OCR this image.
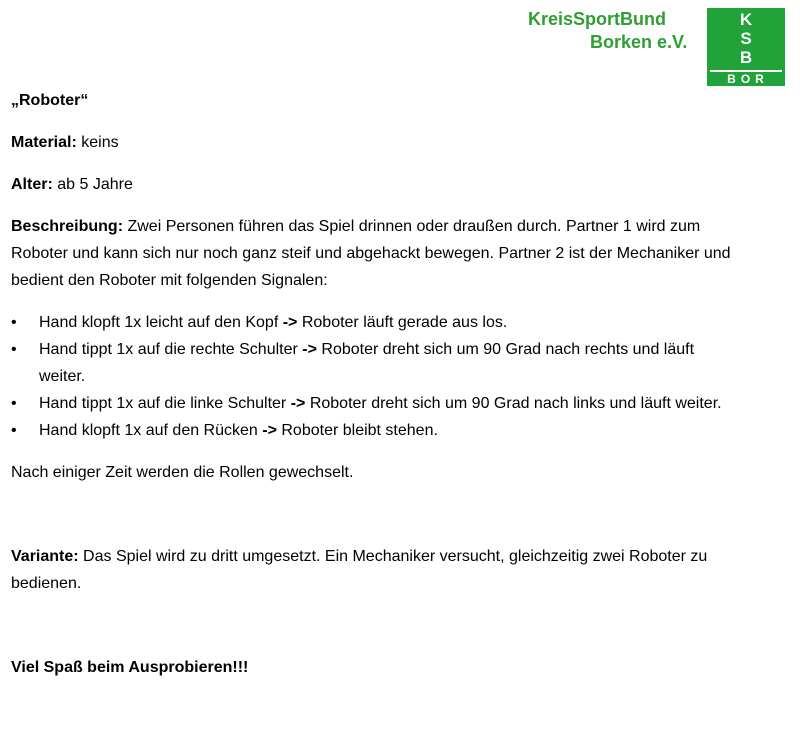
KreisSportBund
Borken e.V.
K
S
B
BOR

„Roboter“

Material: keins

Alter: ab 5 Jahre

Beschreibung: Zwei Personen führen das Spiel drinnen oder draußen durch. Partner 1 wird zum Roboter und kann sich nur noch ganz steif und abgehackt bewegen. Partner 2 ist der Mechaniker und bedient den Roboter mit folgenden Signalen:

• Hand klopft 1x leicht auf den Kopf -> Roboter läuft gerade aus los.
• Hand tippt 1x auf die rechte Schulter -> Roboter dreht sich um 90 Grad nach rechts und läuft weiter.
• Hand tippt 1x auf die linke Schulter -> Roboter dreht sich um 90 Grad nach links und läuft weiter.
• Hand klopft 1x auf den Rücken -> Roboter bleibt stehen.

Nach einiger Zeit werden die Rollen gewechselt.

Variante: Das Spiel wird zu dritt umgesetzt. Ein Mechaniker versucht, gleichzeitig zwei Roboter zu bedienen.

Viel Spaß beim Ausprobieren!!!
